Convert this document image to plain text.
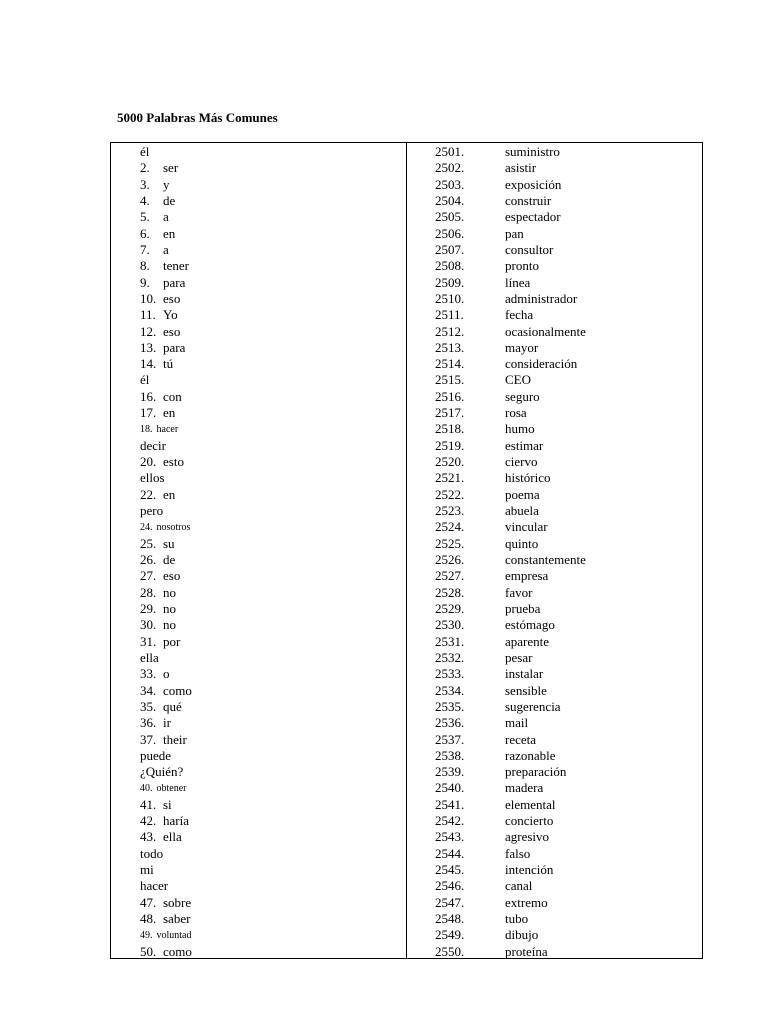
5000 Palabras Más Comunes
él
2. ser
3. y
4. de
5. a
6. en
7. a
8. tener
9. para
10. eso
11. Yo
12. eso
13. para
14. tú
él
16. con
17. en
18. hacer
decir
20. esto
ellos
22. en
pero
24. nosotros
25. su
26. de
27. eso
28. no
29. no
30. no
31. por
ella
33. o
34. como
35. qué
36. ir
37. their
puede
¿Quién?
40. obtener
41. si
42. haría
43. ella
todo
mi
hacer
47. sobre
48. saber
49. voluntad
50. como
2501.	suministro
2502.	asistir
2503.	exposición
2504.	construir
2505.	espectador
2506.	pan
2507.	consultor
2508.	pronto
2509.	línea
2510.	administrador
2511.	fecha
2512.	ocasionalmente
2513.	mayor
2514.	consideración
2515.	CEO
2516.	seguro
2517.	rosa
2518.	humo
2519.	estimar
2520.	ciervo
2521.	histórico
2522.	poema
2523.	abuela
2524.	vincular
2525.	quinto
2526.	constantemente
2527.	empresa
2528.	favor
2529.	prueba
2530.	estómago
2531.	aparente
2532.	pesar
2533.	instalar
2534.	sensible
2535.	sugerencia
2536.	mail
2537.	receta
2538.	razonable
2539.	preparación
2540.	madera
2541.	elemental
2542.	concierto
2543.	agresivo
2544.	falso
2545.	intención
2546.	canal
2547.	extremo
2548.	tubo
2549.	dibujo
2550.	proteína
